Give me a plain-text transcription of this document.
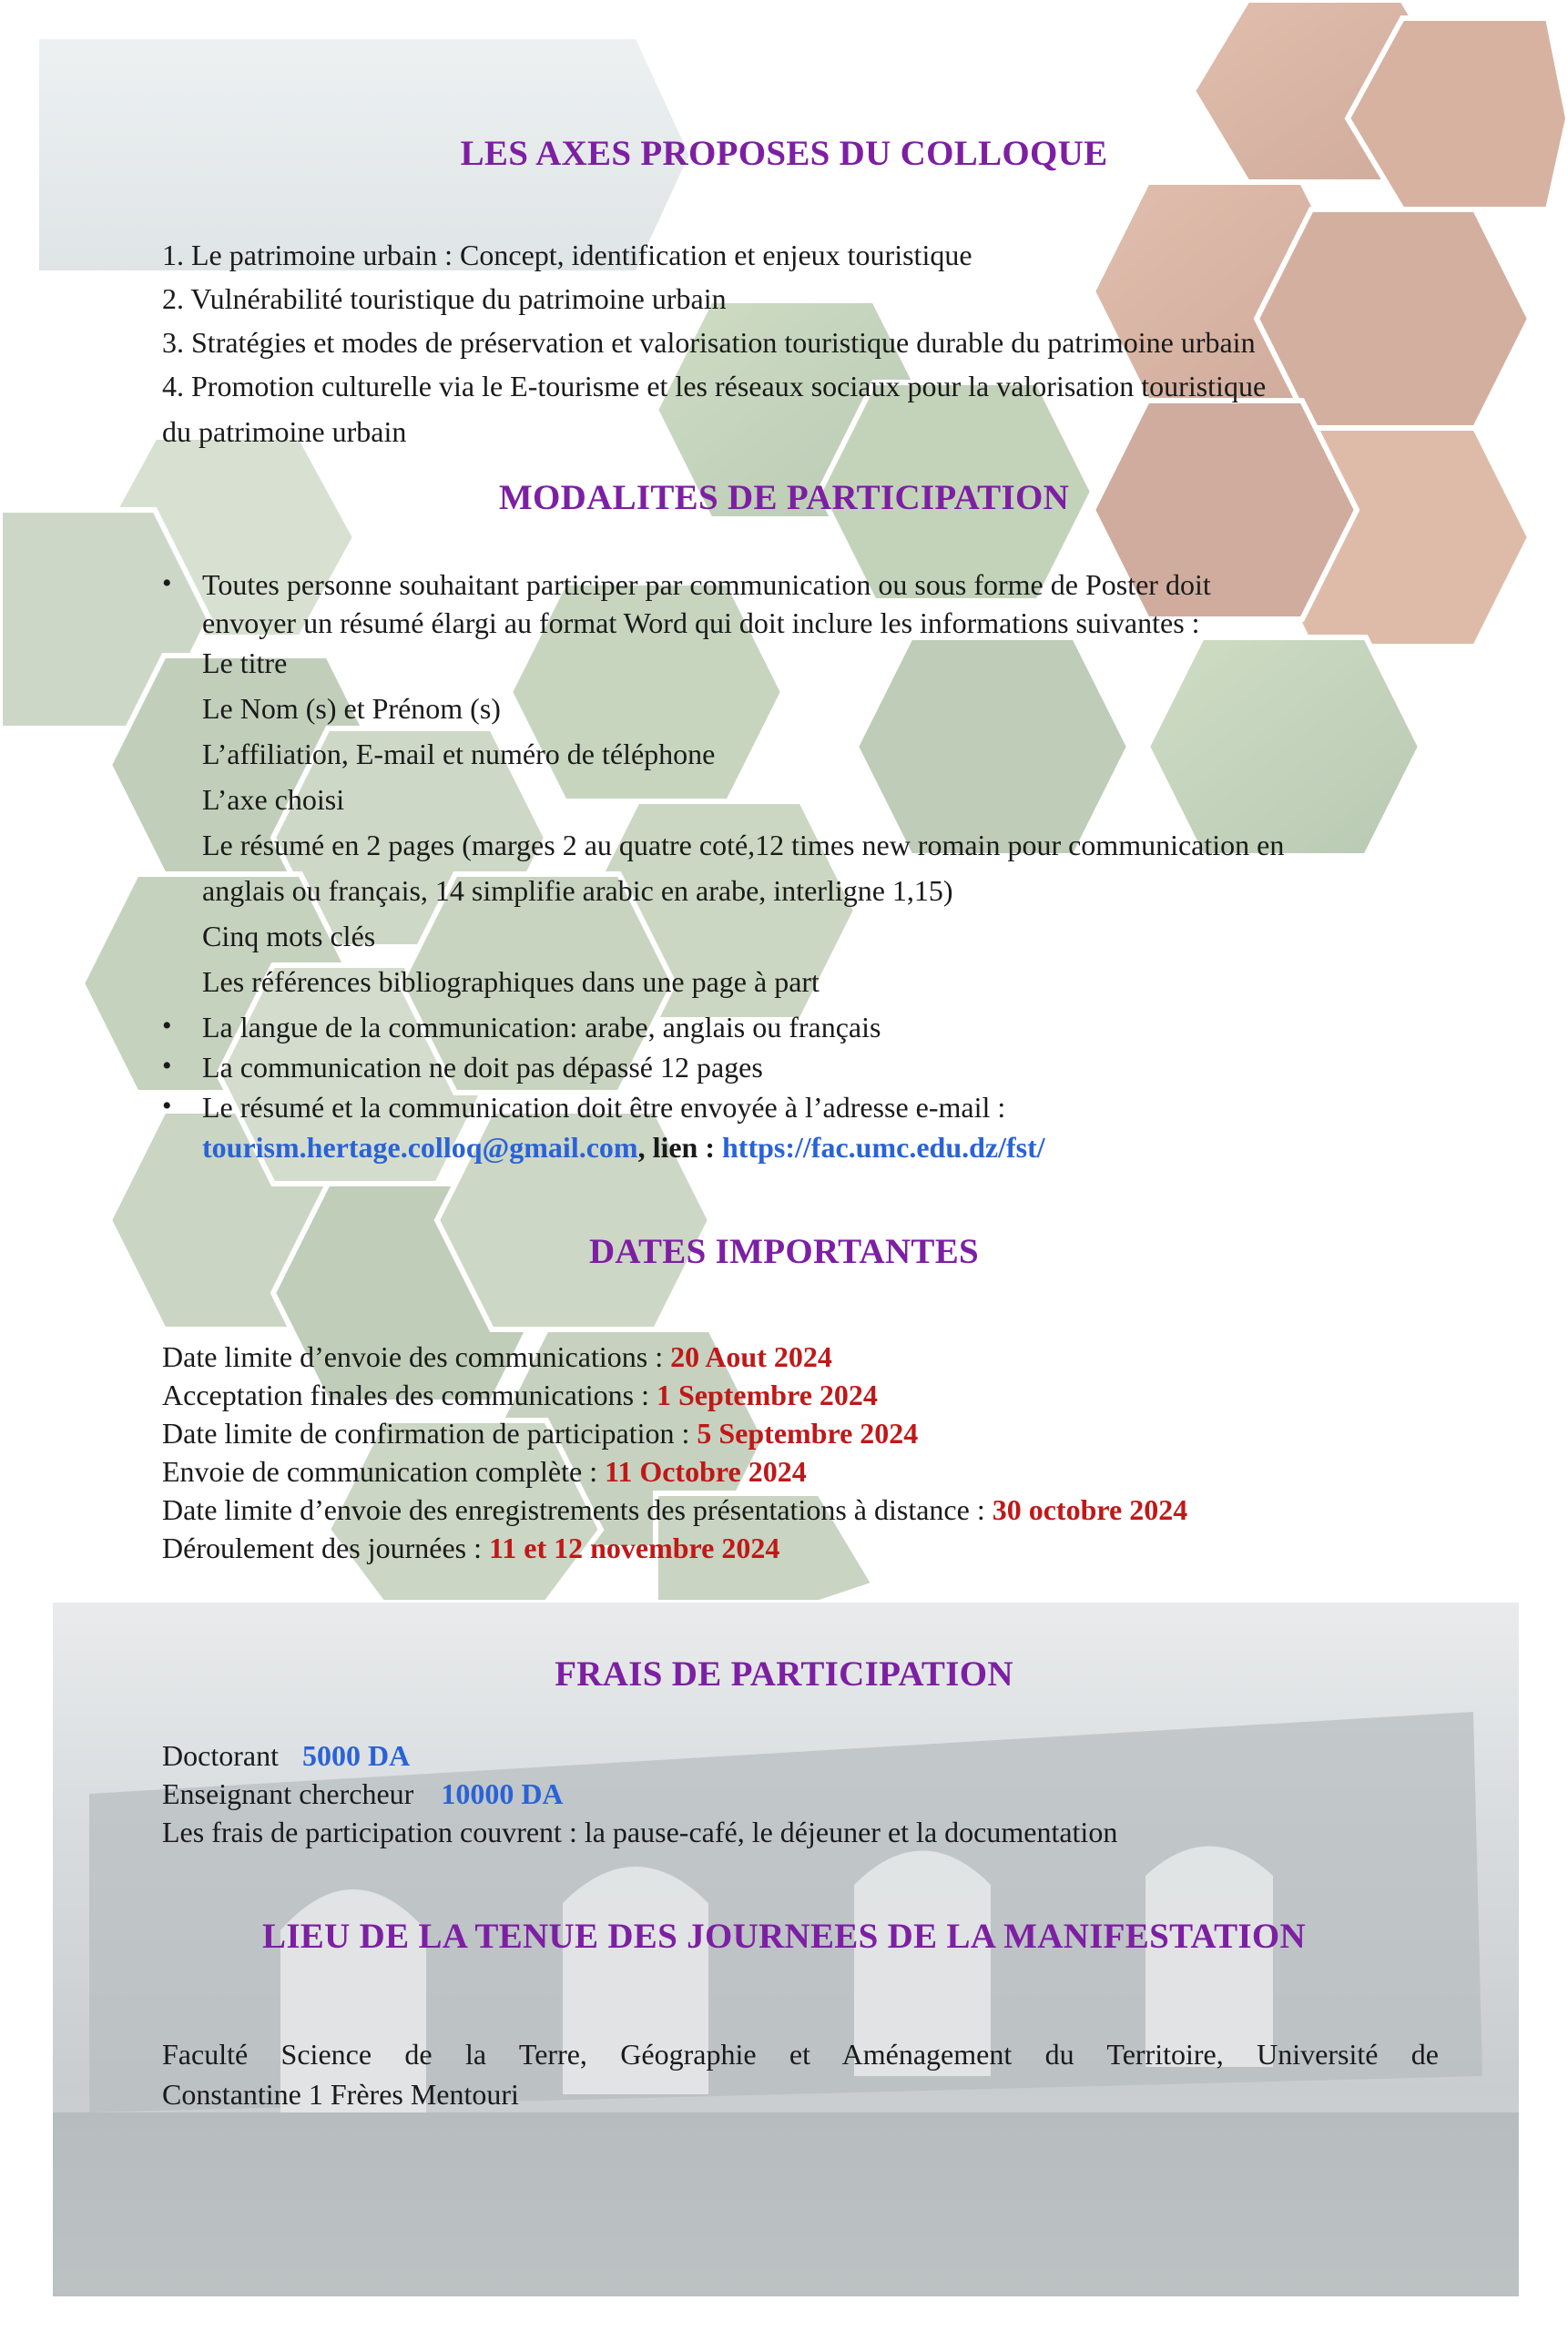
LES AXES PROPOSES DU COLLOQUE
1. Le patrimoine urbain : Concept, identification et enjeux touristique
2. Vulnérabilité touristique du patrimoine urbain
3. Stratégies et modes de préservation et valorisation touristique durable du patrimoine urbain
4. Promotion culturelle via le E-tourisme et les réseaux sociaux pour la valorisation touristique
du patrimoine urbain
MODALITES DE PARTICIPATION
• Toutes personne souhaitant participer par communication ou sous forme de Poster doit
envoyer un résumé élargi au format Word qui doit inclure les informations suivantes :
Le titre
Le Nom (s) et Prénom (s)
L’affiliation, E-mail et numéro de téléphone
L’axe choisi
Le résumé en 2 pages (marges 2 au quatre coté,12 times new romain pour communication en
anglais ou français, 14 simplifie arabic en arabe, interligne 1,15)
Cinq mots clés
Les références bibliographiques dans une page à part
• La langue de la communication: arabe, anglais ou français
• La communication ne doit pas dépassé 12 pages
• Le résumé et la communication doit être envoyée à l’adresse e-mail :
tourism.hertage.colloq@gmail.com, lien : https://fac.umc.edu.dz/fst/
DATES IMPORTANTES
Date limite d’envoie des communications : 20 Aout 2024
Acceptation finales des communications : 1 Septembre 2024
Date limite de confirmation de participation : 5 Septembre 2024
Envoie de communication complète : 11 Octobre 2024
Date limite d’envoie des enregistrements des présentations à distance : 30 octobre 2024
Déroulement des journées : 11 et 12 novembre 2024
FRAIS DE PARTICIPATION
Doctorant 5000 DA
Enseignant chercheur 10000 DA
Les frais de participation couvrent : la pause-café, le déjeuner et la documentation
LIEU DE LA TENUE DES JOURNEES DE LA MANIFESTATION
Faculté Science de la Terre, Géographie et Aménagement du Territoire, Université de
Constantine 1 Frères Mentouri
